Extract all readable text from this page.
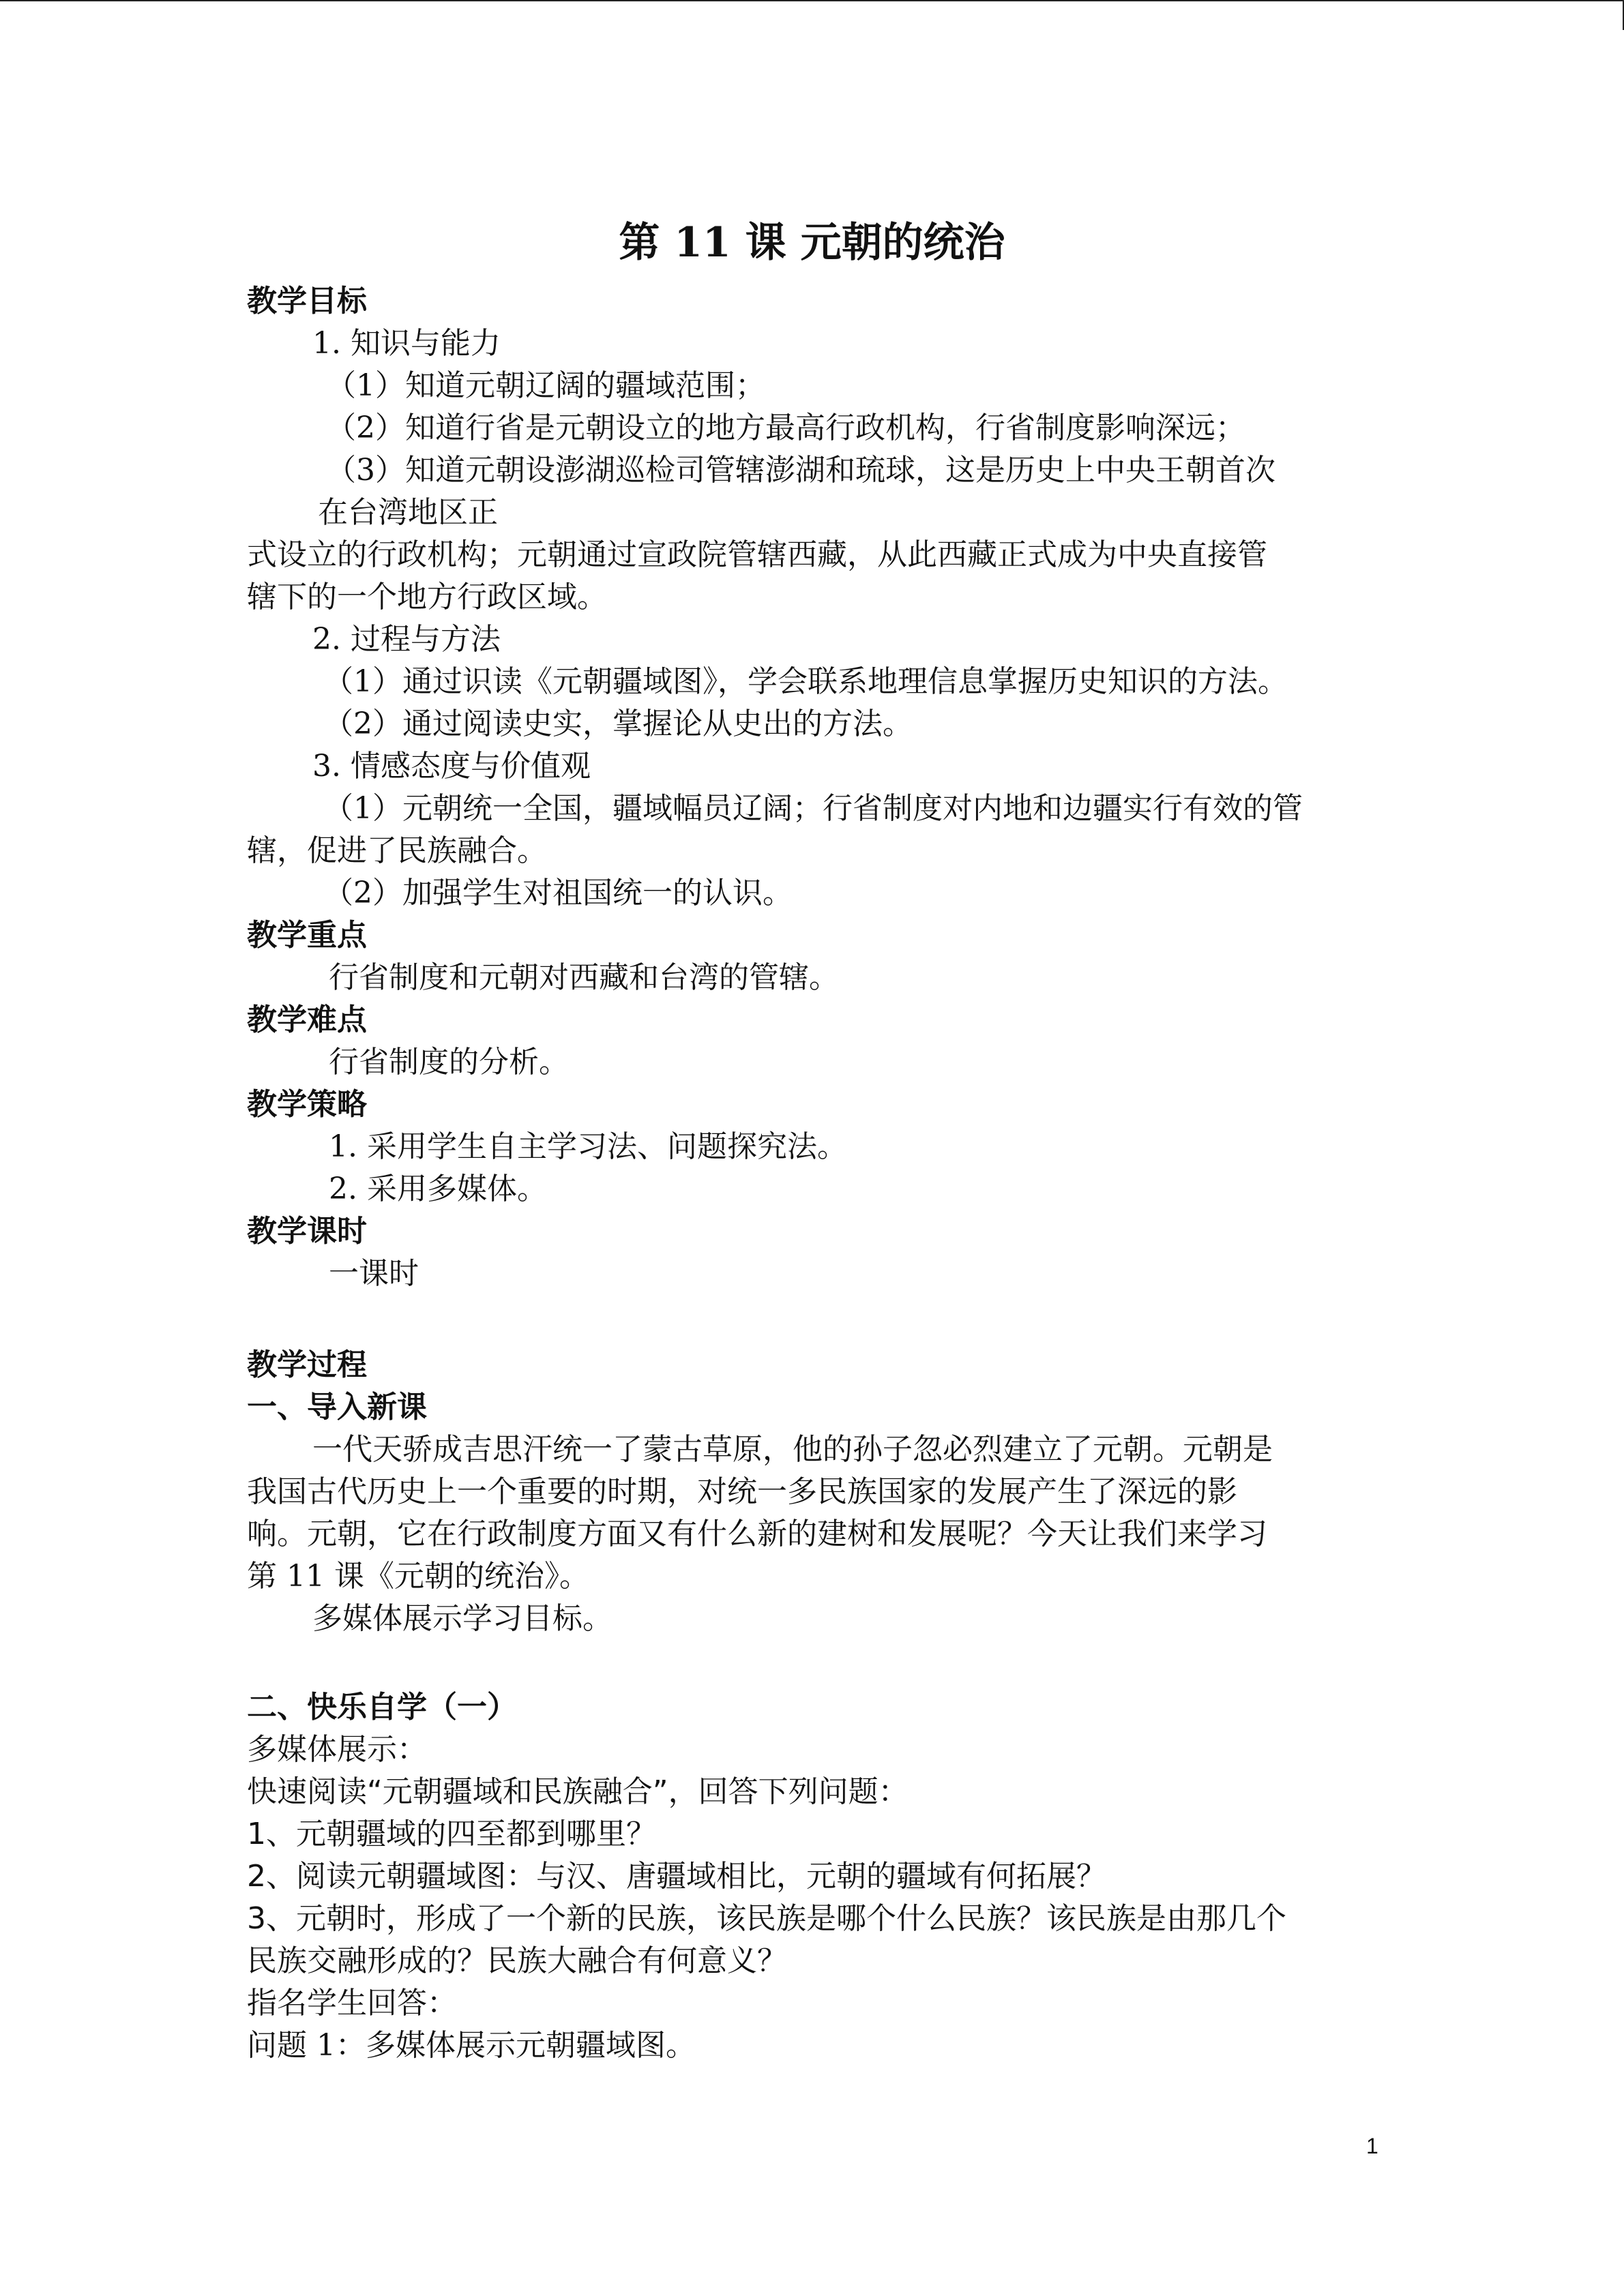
第 11 课 元朝的统治
教学目标
1. 知识与能力
（1）知道元朝辽阔的疆域范围；
（2）知道行省是元朝设立的地方最高行政机构，行省制度影响深远；
（3）知道元朝设澎湖巡检司管辖澎湖和琉球，这是历史上中央王朝首次
在台湾地区正
式设立的行政机构；元朝通过宣政院管辖西藏，从此西藏正式成为中央直接管
辖下的一个地方行政区域。
2. 过程与方法
（1）通过识读《元朝疆域图》，学会联系地理信息掌握历史知识的方法。
（2）通过阅读史实，掌握论从史出的方法。
3. 情感态度与价值观
（1）元朝统一全国，疆域幅员辽阔；行省制度对内地和边疆实行有效的管
辖，促进了民族融合。
（2）加强学生对祖国统一的认识。
教学重点
行省制度和元朝对西藏和台湾的管辖。
教学难点
行省制度的分析。
教学策略
1. 采用学生自主学习法、问题探究法。
2. 采用多媒体。
教学课时
一课时
教学过程
一、导入新课
一代天骄成吉思汗统一了蒙古草原，他的孙子忽必烈建立了元朝。元朝是
我国古代历史上一个重要的时期，对统一多民族国家的发展产生了深远的影
响。元朝，它在行政制度方面又有什么新的建树和发展呢？今天让我们来学习
第 11 课《元朝的统治》。
多媒体展示学习目标。
二、快乐自学（一）
多媒体展示：
快速阅读“元朝疆域和民族融合”，回答下列问题：
1、元朝疆域的四至都到哪里？
2、阅读元朝疆域图：与汉、唐疆域相比，元朝的疆域有何拓展？
3、元朝时，形成了一个新的民族，该民族是哪个什么民族？该民族是由那几个
民族交融形成的？民族大融合有何意义？
指名学生回答：
问题 1：多媒体展示元朝疆域图。
1
